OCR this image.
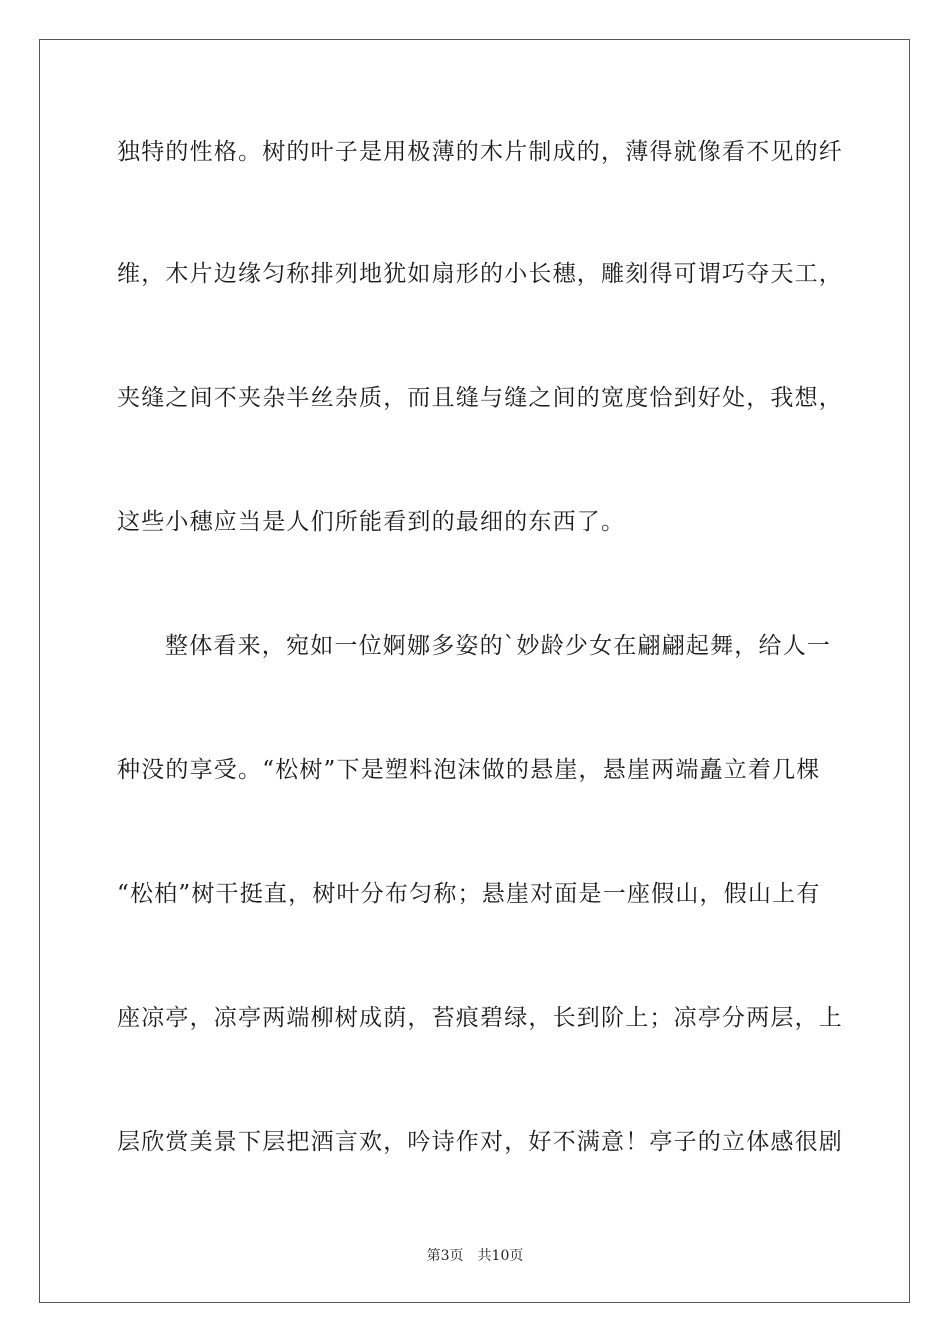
独特的性格。树的叶子是用极薄的木片制成的，薄得就像看不见的纤
维，木片边缘匀称排列地犹如扇形的小长穗，雕刻得可谓巧夺天工，
夹缝之间不夹杂半丝杂质，而且缝与缝之间的宽度恰到好处，我想，
这些小穗应当是人们所能看到的最细的东西了。
整体看来，宛如一位婀娜多姿的`妙龄少女在翩翩起舞，给人一
种没的享受。“松树”下是塑料泡沫做的悬崖，悬崖两端矗立着几棵
“松柏”树干挺直，树叶分布匀称；悬崖对面是一座假山，假山上有
座凉亭，凉亭两端柳树成荫，苔痕碧绿，长到阶上；凉亭分两层，上
层欣赏美景下层把酒言欢，吟诗作对，好不满意！亭子的立体感很剧
第3页 共10页
